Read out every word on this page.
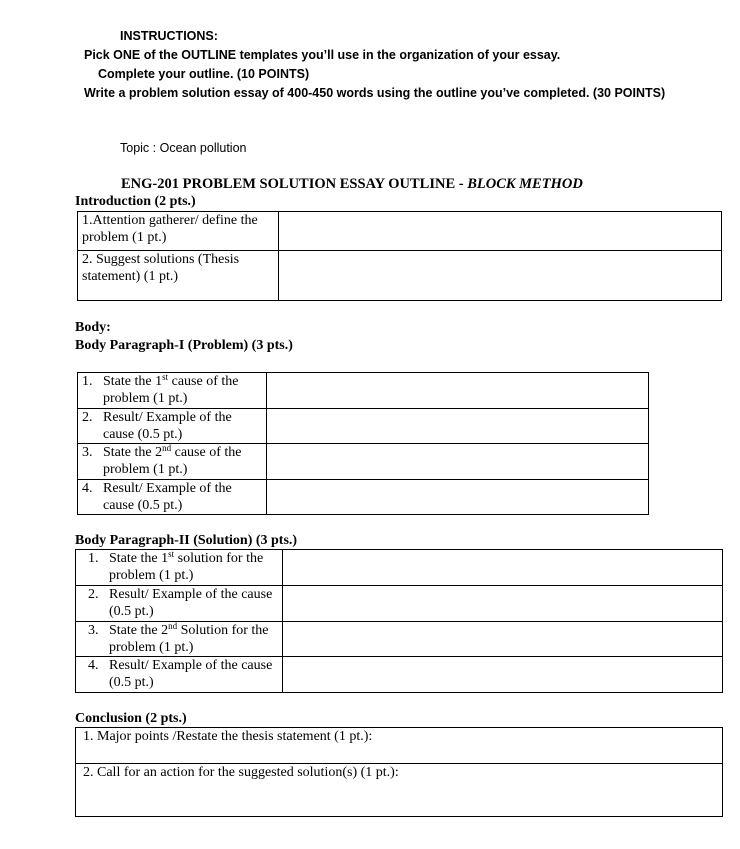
INSTRUCTIONS:
Pick ONE of the OUTLINE templates you’ll use in the organization of your essay.
Complete your outline. (10 POINTS)
Write a problem solution essay of 400-450 words using the outline you’ve completed. (30 POINTS)
Topic : Ocean pollution
ENG-201 PROBLEM SOLUTION ESSAY OUTLINE - BLOCK METHOD
Introduction (2 pts.)
1.Attention gatherer/ define the problem (1 pt.)	
2. Suggest solutions (Thesis statement) (1 pt.)	
Body:
Body Paragraph-I (Problem) (3 pts.)
1. State the 1st cause of the problem (1 pt.)	

2. Result/ Example of the cause (0.5 pt.)	

3. State the 2nd cause of the problem (1 pt.)	

4. Result/ Example of the cause (0.5 pt.)	

Body Paragraph-II (Solution) (3 pts.)
1. State the 1st solution for the problem (1 pt.)	

2. Result/ Example of the cause (0.5 pt.)	

3. State the 2nd Solution for the problem (1 pt.)	

4. Result/ Example of the cause (0.5 pt.)	

Conclusion (2 pts.)
1. Major points /Restate the thesis statement (1 pt.):
2. Call for an action for the suggested solution(s) (1 pt.):
